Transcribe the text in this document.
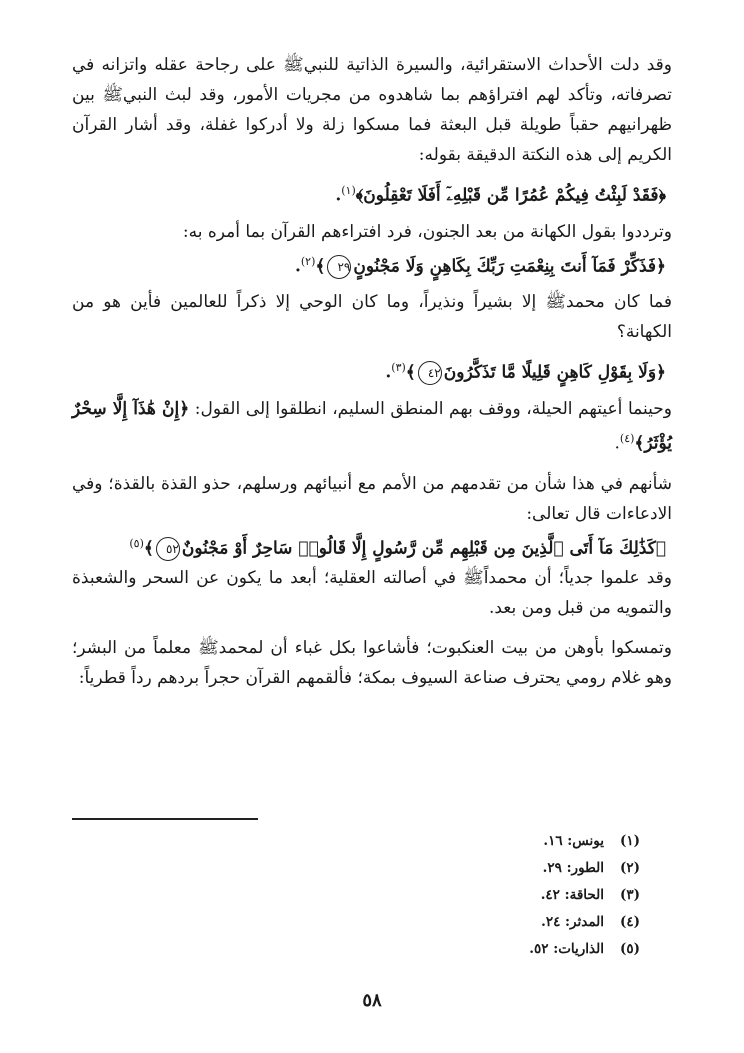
وقد دلت الأحداث الاستقرائية، والسيرة الذاتية للنبيﷺ على رجاحة عقله واتزانه في تصرفاته، وتأكد لهم افتراؤهم بما شاهدوه من مجريات الأمور، وقد لبث النبيﷺ بين ظهرانيهم حقباً طويلة قبل البعثة فما مسكوا زلة ولا أدركوا غفلة، وقد أشار القرآن الكريم إلى هذه النكتة الدقيقة بقوله:

﴿فَقَدْ لَبِثْتُ فِيكُمْ عُمُرًا مِّن قَبْلِهِۦٓ أَفَلَا تَعْقِلُونَ﴾$^{(١)}$.

وترددوا بقول الكهانة من بعد الجنون، فرد افتراءهم القرآن بما أمره به:

﴿فَذَكِّرْ فَمَآ أَنتَ بِنِعْمَتِ رَبِّكَ بِكَاهِنٍ وَلَا مَجْنُونٍ٢٩﴾$^{(٢)}$.

فما كان محمدﷺ إلا بشيراً ونذيراً، وما كان الوحي إلا ذكراً للعالمين فأين هو من الكهانة؟

﴿وَلَا بِقَوْلِ كَاهِنٍ قَلِيلًا مَّا تَذَكَّرُونَ٤٢﴾$^{(٣)}$.

وحينما أعيتهم الحيلة، ووقف بهم المنطق السليم، انطلقوا إلى القول: ﴿إِنْ هَٰذَآ إِلَّا سِحْرٌ يُؤْثَرُ﴾$^{(٤)}$.

شأنهم في هذا شأن من تقدمهم من الأمم مع أنبيائهم ورسلهم، حذو القذة بالقذة؛ وفي الادعاءات قال تعالى:

﴿كَذَٰلِكَ مَآ أَتَى ٱلَّذِينَ مِن قَبْلِهِم مِّن رَّسُولٍ إِلَّا قَالُوا۟ سَاحِرٌ أَوْ مَجْنُونٌ٥٢﴾$^{(٥)}$

وقد علموا جدياً؛ أن محمداًﷺ في أصالته العقلية؛ أبعد ما يكون عن السحر والشعبذة والتمويه من قبل ومن بعد.

وتمسكوا بأوهن من بيت العنكبوت؛ فأشاعوا بكل غباء أن لمحمدﷺ معلماً من البشر؛ وهو غلام رومي يحترف صناعة السيوف بمكة؛ فألقمهم القرآن حجراً بردهم رداً قطرياً:

(١)
يونس: ١٦.
(٢)
الطور: ٢٩.
(٣)
الحاقة: ٤٢.
(٤)
المدثر: ٢٤.
(٥)
الذاريات: ٥٢.
٥٨
